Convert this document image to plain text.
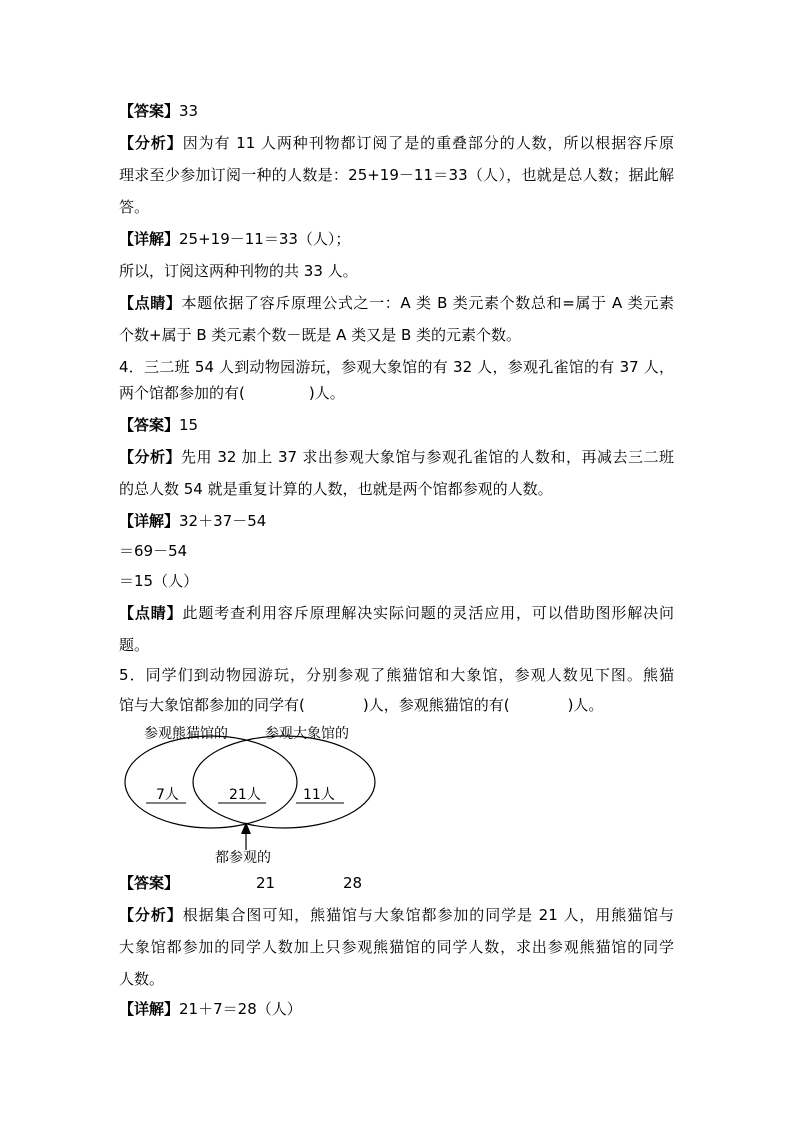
【答案】33
【分析】因为有 11 人两种刊物都订阅了是的重叠部分的人数，所以根据容斥原
理求至少参加订阅一种的人数是：25+19－11＝33（人），也就是总人数；据此解
答。
【详解】25+19－11＝33（人）；
所以，订阅这两种刊物的共 33 人。
【点睛】本题依据了容斥原理公式之一：A 类 B 类元素个数总和=属于 A 类元素
个数+属于 B 类元素个数－既是 A 类又是 B 类的元素个数。
4．三二班 54 人到动物园游玩，参观大象馆的有 32 人，参观孔雀馆的有 37 人，
两个馆都参加的有(	)人。
【答案】15
【分析】先用 32 加上 37 求出参观大象馆与参观孔雀馆的人数和，再减去三二班
的总人数 54 就是重复计算的人数，也就是两个馆都参观的人数。
【详解】32＋37－54
＝69－54
＝15（人）
【点睛】此题考查利用容斥原理解决实际问题的灵活应用，可以借助图形解决问
题。
5．同学们到动物园游玩，分别参观了熊猫馆和大象馆，参观人数见下图。熊猫
馆与大象馆都参加的同学有(	)人，参观熊猫馆的有(	)人。
参观熊猫馆的	参观大象馆的
7人	21人	11人
都参观的
【答案】	21	28
【分析】根据集合图可知，熊猫馆与大象馆都参加的同学是 21 人，用熊猫馆与
大象馆都参加的同学人数加上只参观熊猫馆的同学人数，求出参观熊猫馆的同学
人数。
【详解】21＋7＝28（人）
